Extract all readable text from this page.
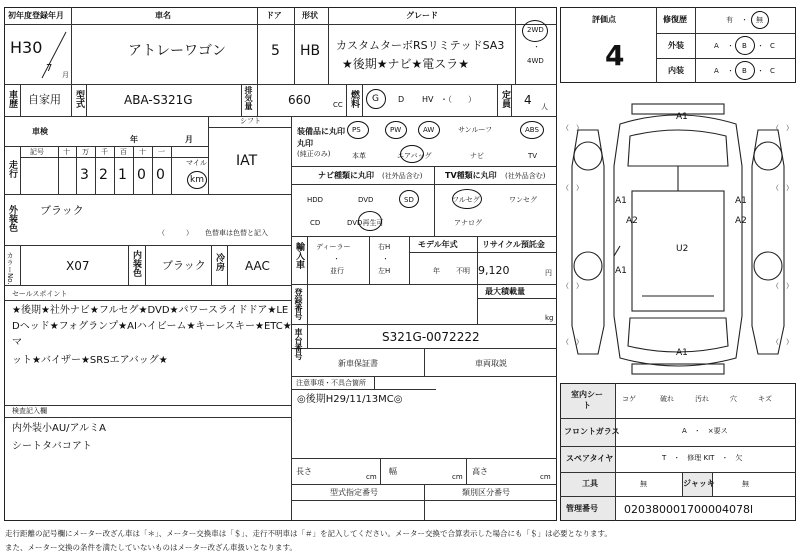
初年度登録年月	車名	ドア	形状	グレード
H30
7
月
アトレーワゴン	5 HB カスタムターボRSリミテッドSA3
★後期★ナビ★電スラ★
2WD
・
4WD
車歴 自家用 型式	ABA-S321G	排気量	660	CC 燃料 G D HV ・（　　）	定員 4 人
車検
年	月
シフト
IAT
走行
記号	十 万 千 百 十 一
3 2 1 0 0
マイル
km
外装色 ブラック
（　　　） 色替車は色替と記入
カラーNo.	X07	内装色 ブラック 冷房 AAC
セールスポイント
★後期★社外ナビ★フルセグ★DVD★パワースライドドア★LE
Dヘッド★フォグランプ★AIハイビーム★キーレスキー★ETC★
マ
ット★バイザー★SRSエアバッグ★
検査記入欄
内外装小AU/アルミA
シートタバコアト
装備品に丸印
(純正のみ)
丸印
PS	PW	AW	サンルーフ	ABS
本革	エアバッグ	ナビ	TV
ナビ種類に丸印 (社外品含む)
HDD	DVD	SD
CD	DVD再生可
TV種類に丸印 (社外品含む)
フルセグ	ワンセグ
アナログ
輸入車 ディーラー
・
並行
右H
・
左H
モデル年式
年 不明
リサイクル預託金
9,120	円
登録番号	最大積載量
kg
車台番号	S321G-0072222
新車保証書	車両取説
注意事項・不具合箇所
◎後期H29/11/13MC◎
長さ
cm
幅
cm
高さ
cm
型式指定番号	類別区分番号
評価点
4
修復歴	有 ・ 無
外装	A ・ B ・ C
内装	A ・ B ・ C
（　）	（　）
（　）	（　）
（　）	（　）
（　）	（　）
A1
A1	A1
A1
A1
A2	A2
U2
室内シート
コゲ	破れ	汚れ	穴	キズ
フロントガラス	A　・　×要ス
スペアタイヤ	T　・　修理 KIT　・　欠
工具	無	ジャッキ	無
管理番号 020380001700004078l
走行距離の記号欄にメーター改ざん車は「＊」、メーター交換車は「＄」、走行不明車は「＃」を記入してください。メーター交換で合算表示した場合にも「＄」は必要となります。
また、メーター交換の条件を満たしていないものはメーター改ざん車扱いとなります。
